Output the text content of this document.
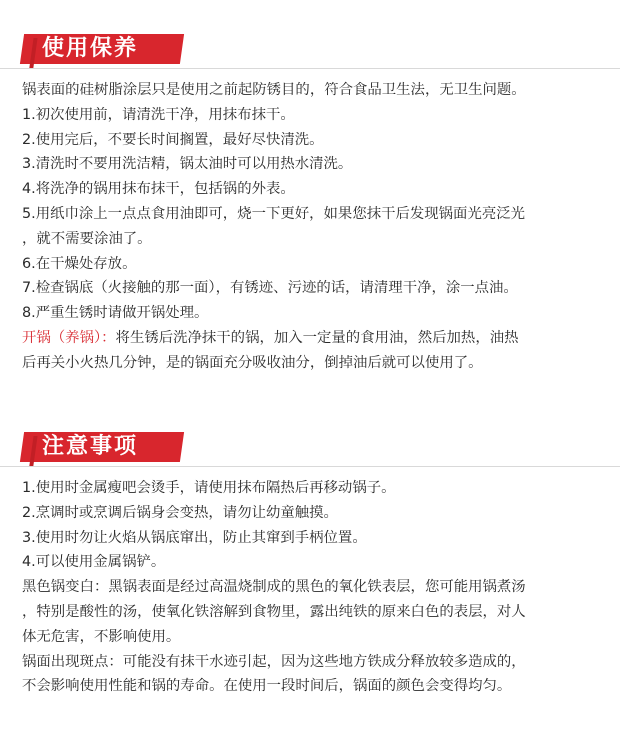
使用保养
锅表面的硅树脂涂层只是使用之前起防锈目的，符合食品卫生法，无卫生问题。
1.初次使用前，请清洗干净，用抹布抹干。
2.使用完后，不要长时间搁置，最好尽快清洗。
3.清洗时不要用洗洁精，锅太油时可以用热水清洗。
4.将洗净的锅用抹布抹干，包括锅的外表。
5.用纸巾涂上一点点食用油即可，烧一下更好，如果您抹干后发现锅面光亮泛光
，就不需要涂油了。
6.在干燥处存放。
7.检查锅底（火接触的那一面），有锈迹、污迹的话，请清理干净，涂一点油。
8.严重生锈时请做开锅处理。
开锅（养锅）：将生锈后洗净抹干的锅，加入一定量的食用油，然后加热，油热
后再关小火热几分钟，是的锅面充分吸收油分，倒掉油后就可以使用了。
注意事项
1.使用时金属瘦吧会烫手，请使用抹布隔热后再移动锅子。
2.烹调时或烹调后锅身会变热，请勿让幼童触摸。
3.使用时勿让火焰从锅底窜出，防止其窜到手柄位置。
4.可以使用金属锅铲。
黑色锅变白：黑锅表面是经过高温烧制成的黑色的氧化铁表层，您可能用锅煮汤
，特别是酸性的汤，使氧化铁溶解到食物里，露出纯铁的原来白色的表层，对人
体无危害，不影响使用。
锅面出现斑点：可能没有抹干水迹引起，因为这些地方铁成分释放较多造成的，
不会影响使用性能和锅的寿命。在使用一段时间后，锅面的颜色会变得均匀。
